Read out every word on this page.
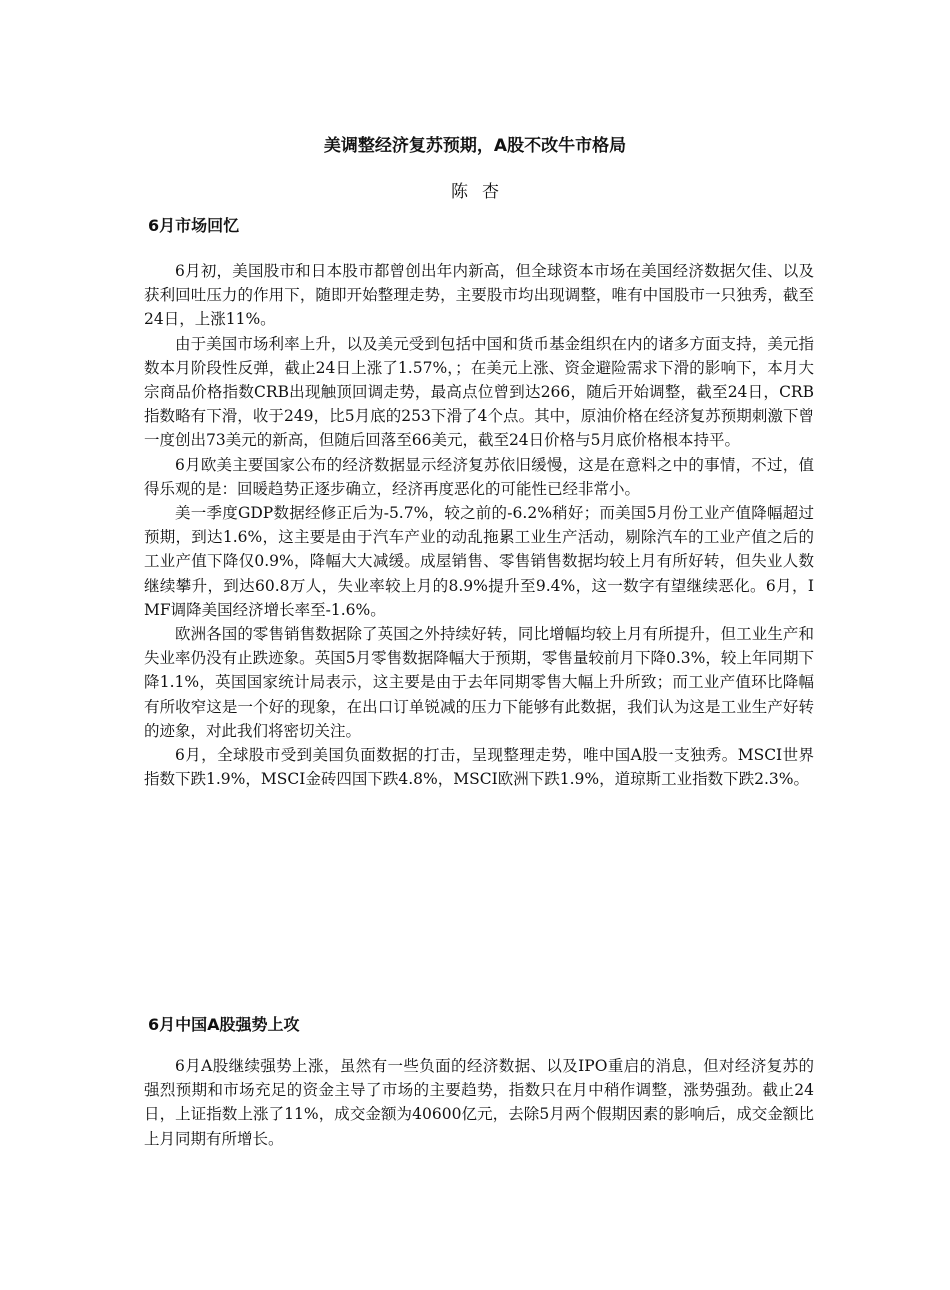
美调整经济复苏预期，A股不改牛市格局
陈杏
6月市场回忆

6月初，美国股市和日本股市都曾创出年内新高，但全球资本市场在美国经济数据欠佳、以及获利回吐压力的作用下，随即开始整理走势，主要股市均出现调整，唯有中国股市一只独秀，截至24日，上涨11%。

由于美国市场利率上升，以及美元受到包括中国和货币基金组织在内的诸多方面支持，美元指数本月阶段性反弹，截止24日上涨了1.57%，；在美元上涨、资金避险需求下滑的影响下，本月大宗商品价格指数CRB出现触顶回调走势，最高点位曾到达266，随后开始调整，截至24日，CRB指数略有下滑，收于249，比5月底的253下滑了4个点。其中，原油价格在经济复苏预期刺激下曾一度创出73美元的新高，但随后回落至66美元，截至24日价格与5月底价格根本持平。

6月欧美主要国家公布的经济数据显示经济复苏依旧缓慢，这是在意料之中的事情，不过，值得乐观的是：回暖趋势正逐步确立，经济再度恶化的可能性已经非常小。

美一季度GDP数据经修正后为-5.7%，较之前的-6.2%稍好；而美国5月份工业产值降幅超过预期，到达1.6%，这主要是由于汽车产业的动乱拖累工业生产活动，剔除汽车的工业产值之后的工业产值下降仅0.9%，降幅大大减缓。成屋销售、零售销售数据均较上月有所好转，但失业人数继续攀升，到达60.8万人，失业率较上月的8.9%提升至9.4%，这一数字有望继续恶化。6月，IMF调降美国经济增长率至-1.6%。

欧洲各国的零售销售数据除了英国之外持续好转，同比增幅均较上月有所提升，但工业生产和失业率仍没有止跌迹象。英国5月零售数据降幅大于预期，零售量较前月下降0.3%，较上年同期下降1.1%，英国国家统计局表示，这主要是由于去年同期零售大幅上升所致；而工业产值环比降幅有所收窄这是一个好的现象，在出口订单锐减的压力下能够有此数据，我们认为这是工业生产好转的迹象，对此我们将密切关注。

6月，全球股市受到美国负面数据的打击，呈现整理走势，唯中国A股一支独秀。MSCI世界指数下跌1.9%，MSCI金砖四国下跌4.8%，MSCI欧洲下跌1.9%，道琼斯工业指数下跌2.3%。

6月中国A股强势上攻

6月A股继续强势上涨，虽然有一些负面的经济数据、以及IPO重启的消息，但对经济复苏的强烈预期和市场充足的资金主导了市场的主要趋势，指数只在月中稍作调整，涨势强劲。截止24日，上证指数上涨了11%，成交金额为40600亿元，去除5月两个假期因素的影响后，成交金额比上月同期有所增长。
